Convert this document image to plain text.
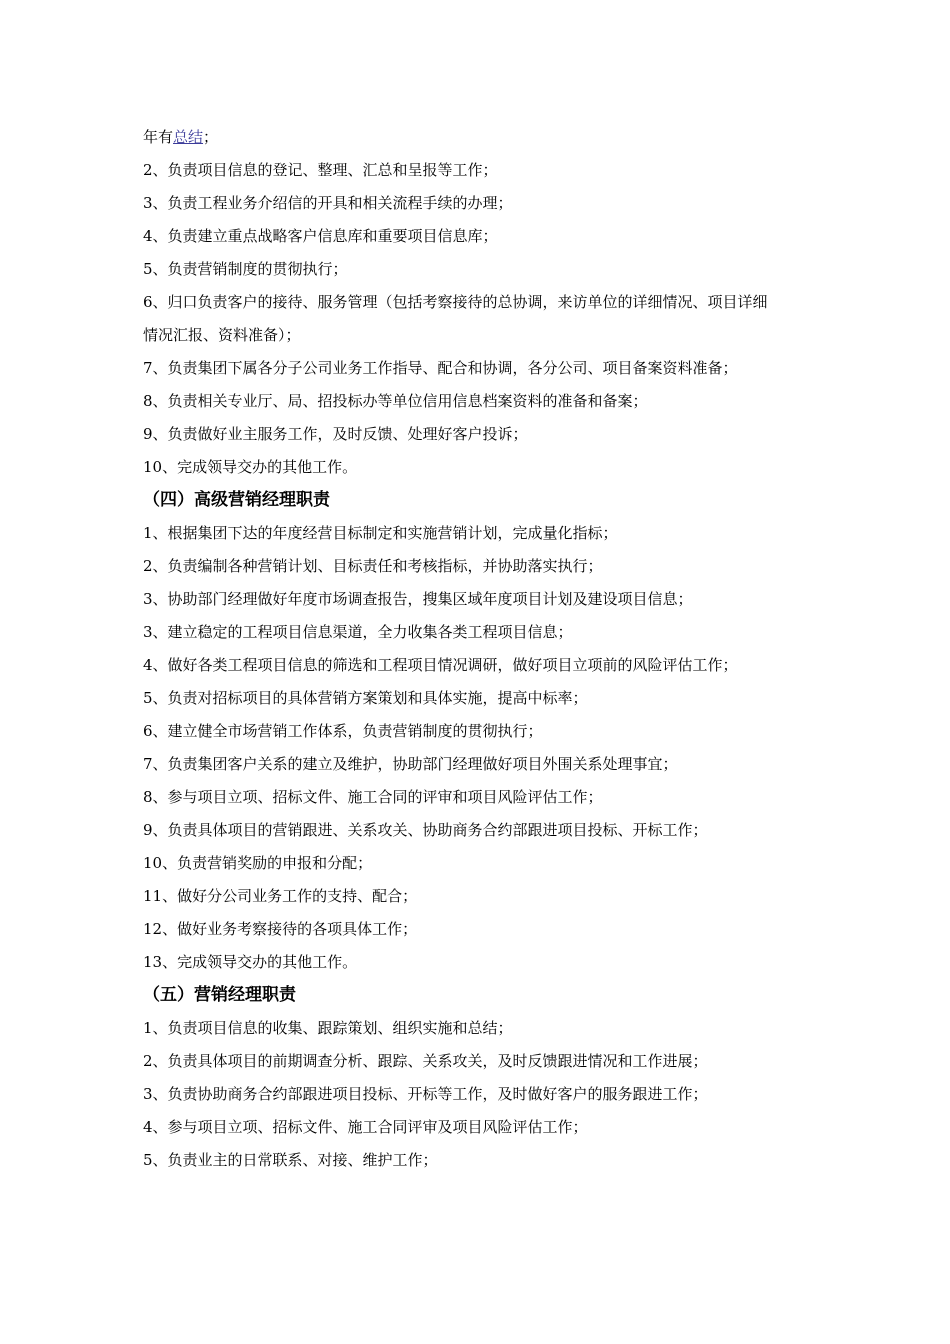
年有总结；
2、负责项目信息的登记、整理、汇总和呈报等工作；
3、负责工程业务介绍信的开具和相关流程手续的办理；
4、负责建立重点战略客户信息库和重要项目信息库；
5、负责营销制度的贯彻执行；
6、归口负责客户的接待、服务管理（包括考察接待的总协调，来访单位的详细情况、项目详细
情况汇报、资料准备）；
7、负责集团下属各分子公司业务工作指导、配合和协调，各分公司、项目备案资料准备；
8、负责相关专业厅、局、招投标办等单位信用信息档案资料的准备和备案；
9、负责做好业主服务工作，及时反馈、处理好客户投诉；
10、完成领导交办的其他工作。
（四）高级营销经理职责
1、根据集团下达的年度经营目标制定和实施营销计划，完成量化指标；
2、负责编制各种营销计划、目标责任和考核指标，并协助落实执行；
3、协助部门经理做好年度市场调查报告，搜集区域年度项目计划及建设项目信息；
3、建立稳定的工程项目信息渠道，全力收集各类工程项目信息；
4、做好各类工程项目信息的筛选和工程项目情况调研，做好项目立项前的风险评估工作；
5、负责对招标项目的具体营销方案策划和具体实施，提高中标率；
6、建立健全市场营销工作体系，负责营销制度的贯彻执行；
7、负责集团客户关系的建立及维护，协助部门经理做好项目外围关系处理事宜；
8、参与项目立项、招标文件、施工合同的评审和项目风险评估工作；
9、负责具体项目的营销跟进、关系攻关、协助商务合约部跟进项目投标、开标工作；
10、负责营销奖励的申报和分配；
11、做好分公司业务工作的支持、配合；
12、做好业务考察接待的各项具体工作；
13、完成领导交办的其他工作。
（五）营销经理职责
1、负责项目信息的收集、跟踪策划、组织实施和总结；
2、负责具体项目的前期调查分析、跟踪、关系攻关，及时反馈跟进情况和工作进展；
3、负责协助商务合约部跟进项目投标、开标等工作，及时做好客户的服务跟进工作；
4、参与项目立项、招标文件、施工合同评审及项目风险评估工作；
5、负责业主的日常联系、对接、维护工作；
